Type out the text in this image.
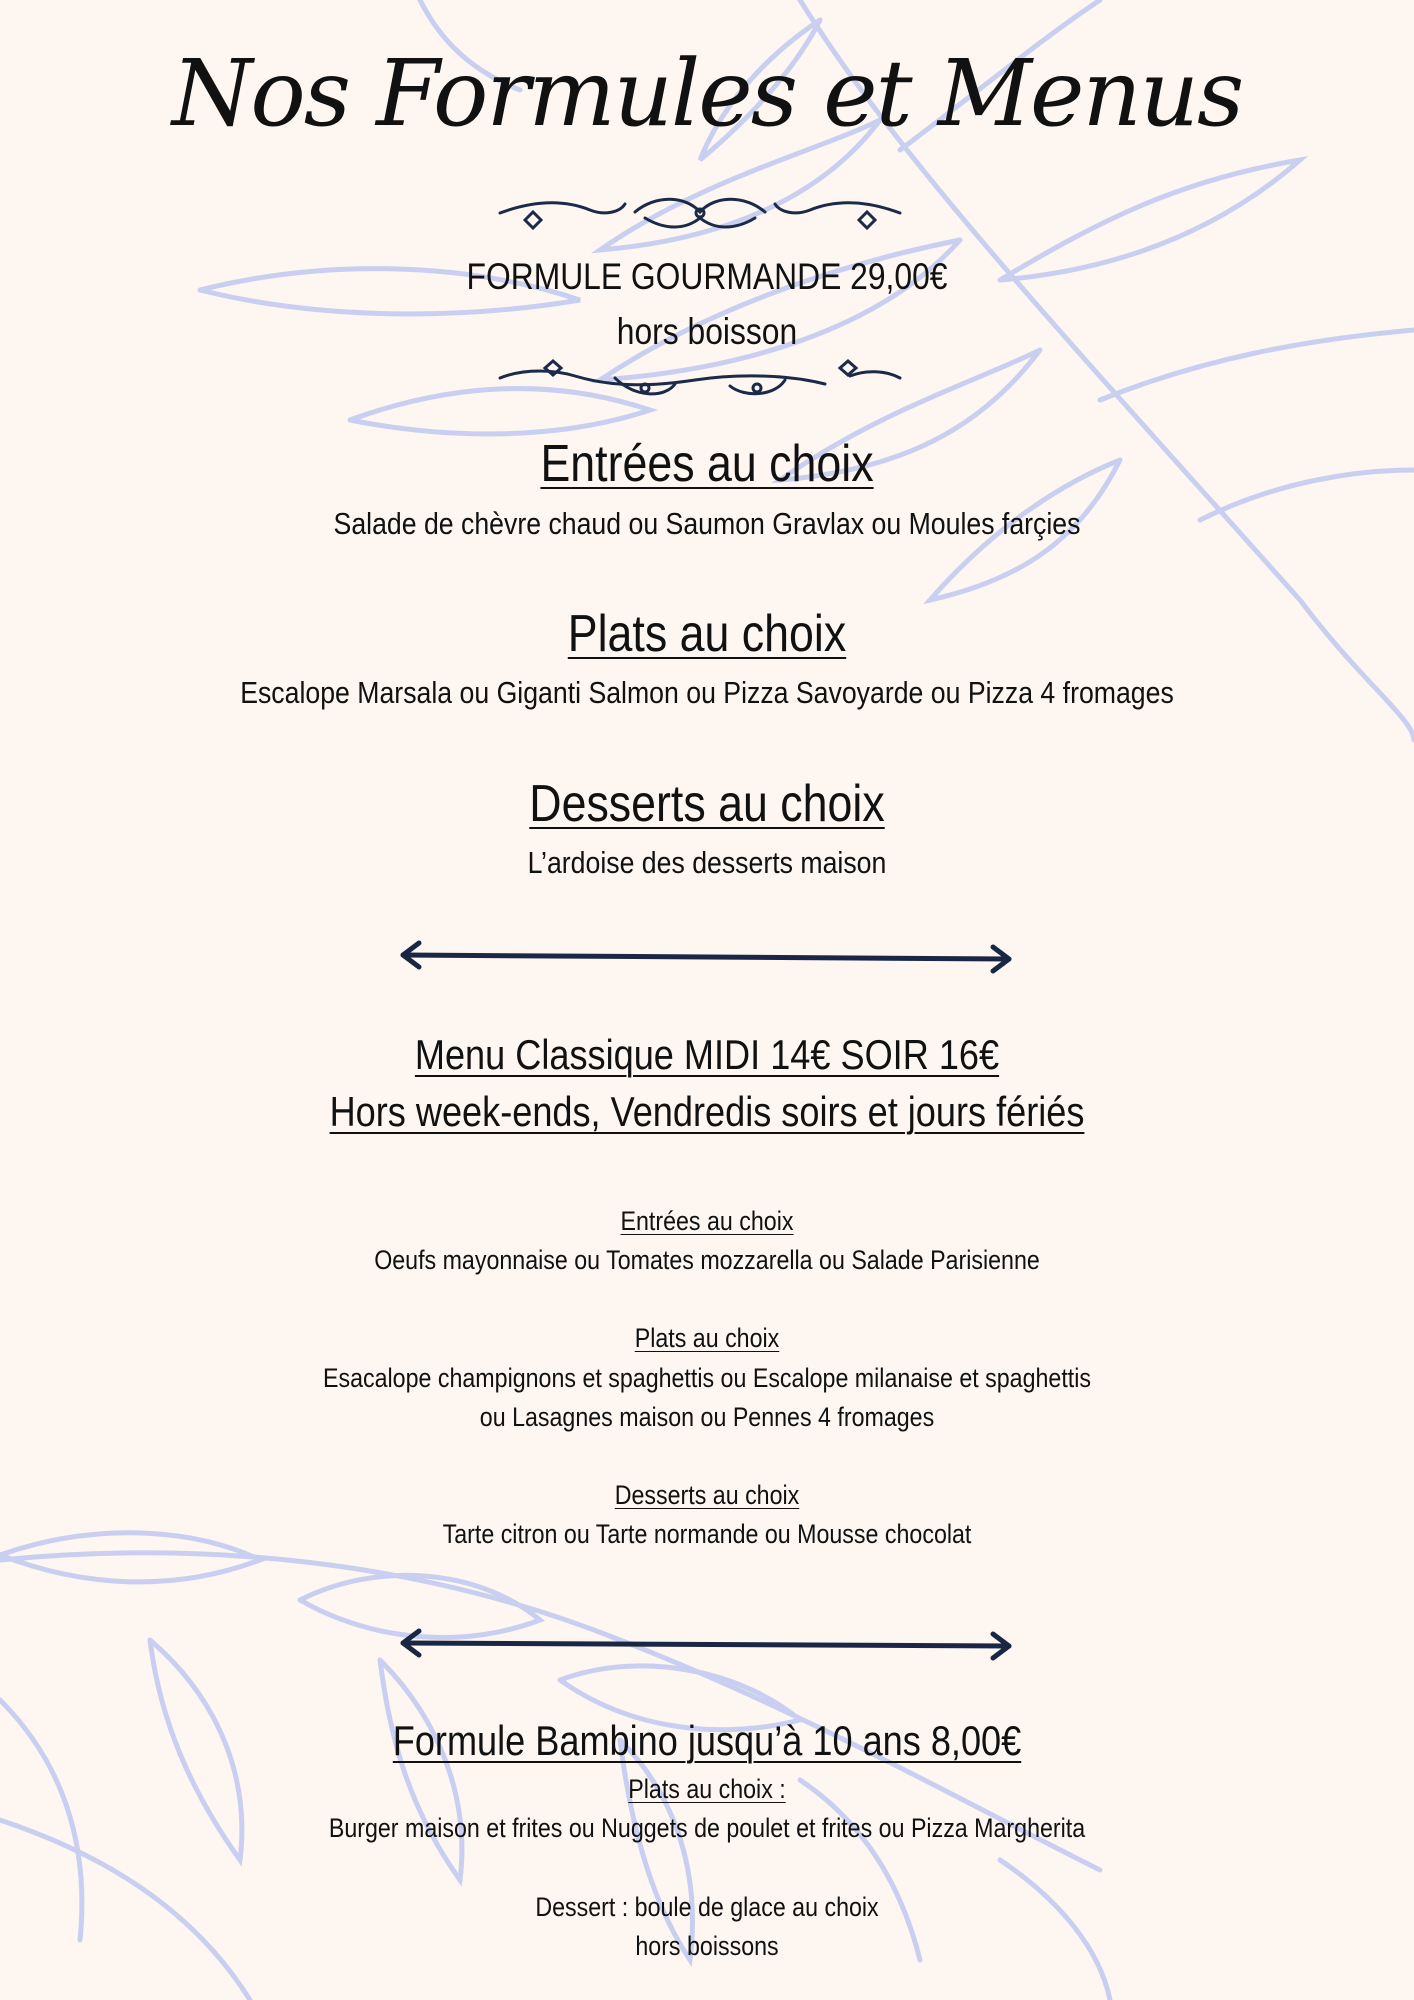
Nos Formules et Menus
FORMULE GOURMANDE 29,00€
hors boisson
Entrées au choix
Salade de chèvre chaud ou Saumon Gravlax ou Moules farçies
Plats au choix
Escalope Marsala ou Giganti Salmon ou Pizza Savoyarde ou Pizza 4 fromages
Desserts au choix
L’ardoise des desserts maison
Menu Classique MIDI 14€ SOIR 16€
Hors week-ends, Vendredis soirs et jours fériés
Entrées au choix
Oeufs mayonnaise ou Tomates mozzarella ou Salade Parisienne
Plats au choix
Esacalope champignons et spaghettis ou Escalope milanaise et spaghettis
ou Lasagnes maison ou Pennes 4 fromages
Desserts au choix
Tarte citron ou Tarte normande ou Mousse chocolat
Formule Bambino jusqu’à 10 ans 8,00€
Plats au choix :
Burger maison et frites ou Nuggets de poulet et frites ou Pizza Margherita
Dessert : boule de glace au choix
hors boissons
